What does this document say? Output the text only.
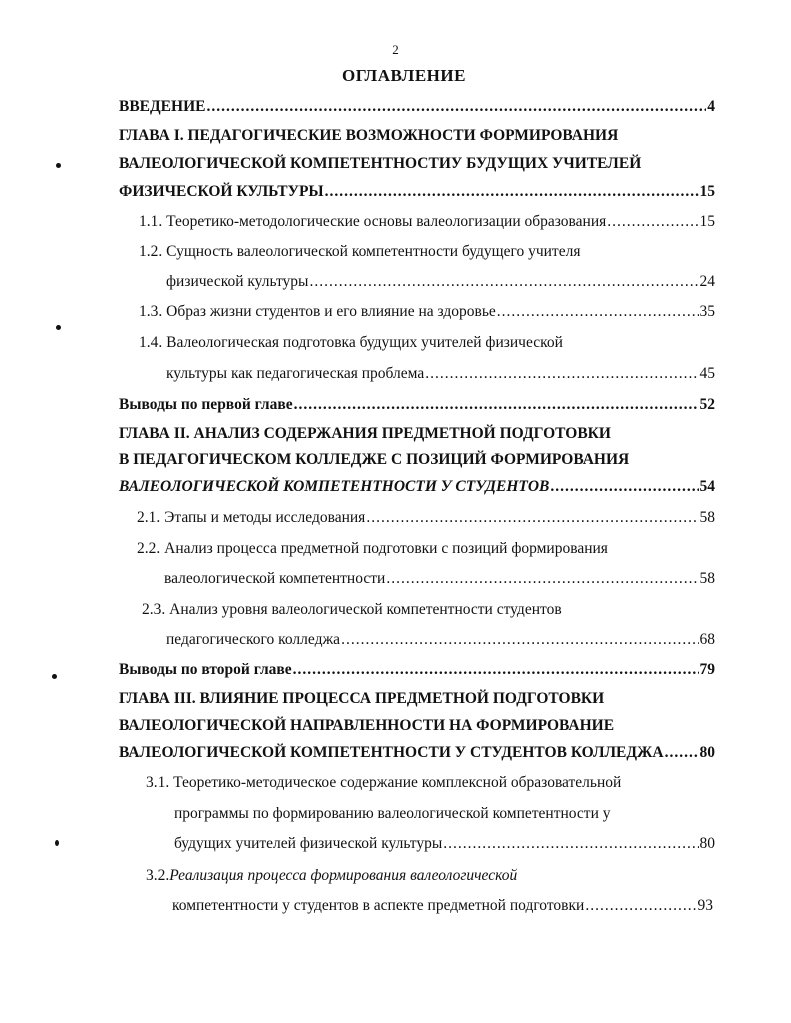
2
ОГЛАВЛЕНИЕ
ВВЕДЕНИЕ .....	4
ГЛАВА I. ПЕДАГОГИЧЕСКИЕ ВОЗМОЖНОСТИ ФОРМИРОВАНИЯ
ВАЛЕОЛОГИЧЕСКОЙ КОМПЕТЕНТНОСТИУ БУДУЩИХ УЧИТЕЛЕЙ
ФИЗИЧЕСКОЙ КУЛЬТУРЫ .....	15
1.1. Теоретико-методологические основы валеологизации образования .....	15
1.2. Сущность валеологической компетентности будущего учителя
физической культуры .....	24
1.3. Образ жизни студентов и его влияние на здоровье .....	35
1.4. Валеологическая подготовка будущих учителей физической
культуры как педагогическая проблема .....	45
Выводы по первой главе .....	52
ГЛАВА II. АНАЛИЗ СОДЕРЖАНИЯ ПРЕДМЕТНОЙ ПОДГОТОВКИ
В ПЕДАГОГИЧЕСКОМ КОЛЛЕДЖЕ С ПОЗИЦИЙ ФОРМИРОВАНИЯ
ВАЛЕОЛОГИЧЕСКОЙ КОМПЕТЕНТНОСТИ У СТУДЕНТОВ .....	54
2.1. Этапы и методы исследования .....	58
2.2. Анализ процесса предметной подготовки с позиций формирования
валеологической компетентности .....	58
2.3. Анализ уровня валеологической компетентности студентов
педагогического колледжа .....	68
Выводы по второй главе .....	79
ГЛАВА III. ВЛИЯНИЕ ПРОЦЕССА ПРЕДМЕТНОЙ ПОДГОТОВКИ
ВАЛЕОЛОГИЧЕСКОЙ НАПРАВЛЕННОСТИ НА ФОРМИРОВАНИЕ
ВАЛЕОЛОГИЧЕСКОЙ КОМПЕТЕНТНОСТИ У СТУДЕНТОВ КОЛЛЕДЖА ..... 80
3.1. Теоретико-методическое содержание комплексной образовательной
программы по формированию валеологической компетентности у
будущих учителей физической культуры .....	80
3.2.Реализация процесса формирования валеологической
компетентности у студентов в аспекте предметной подготовки .....	93
